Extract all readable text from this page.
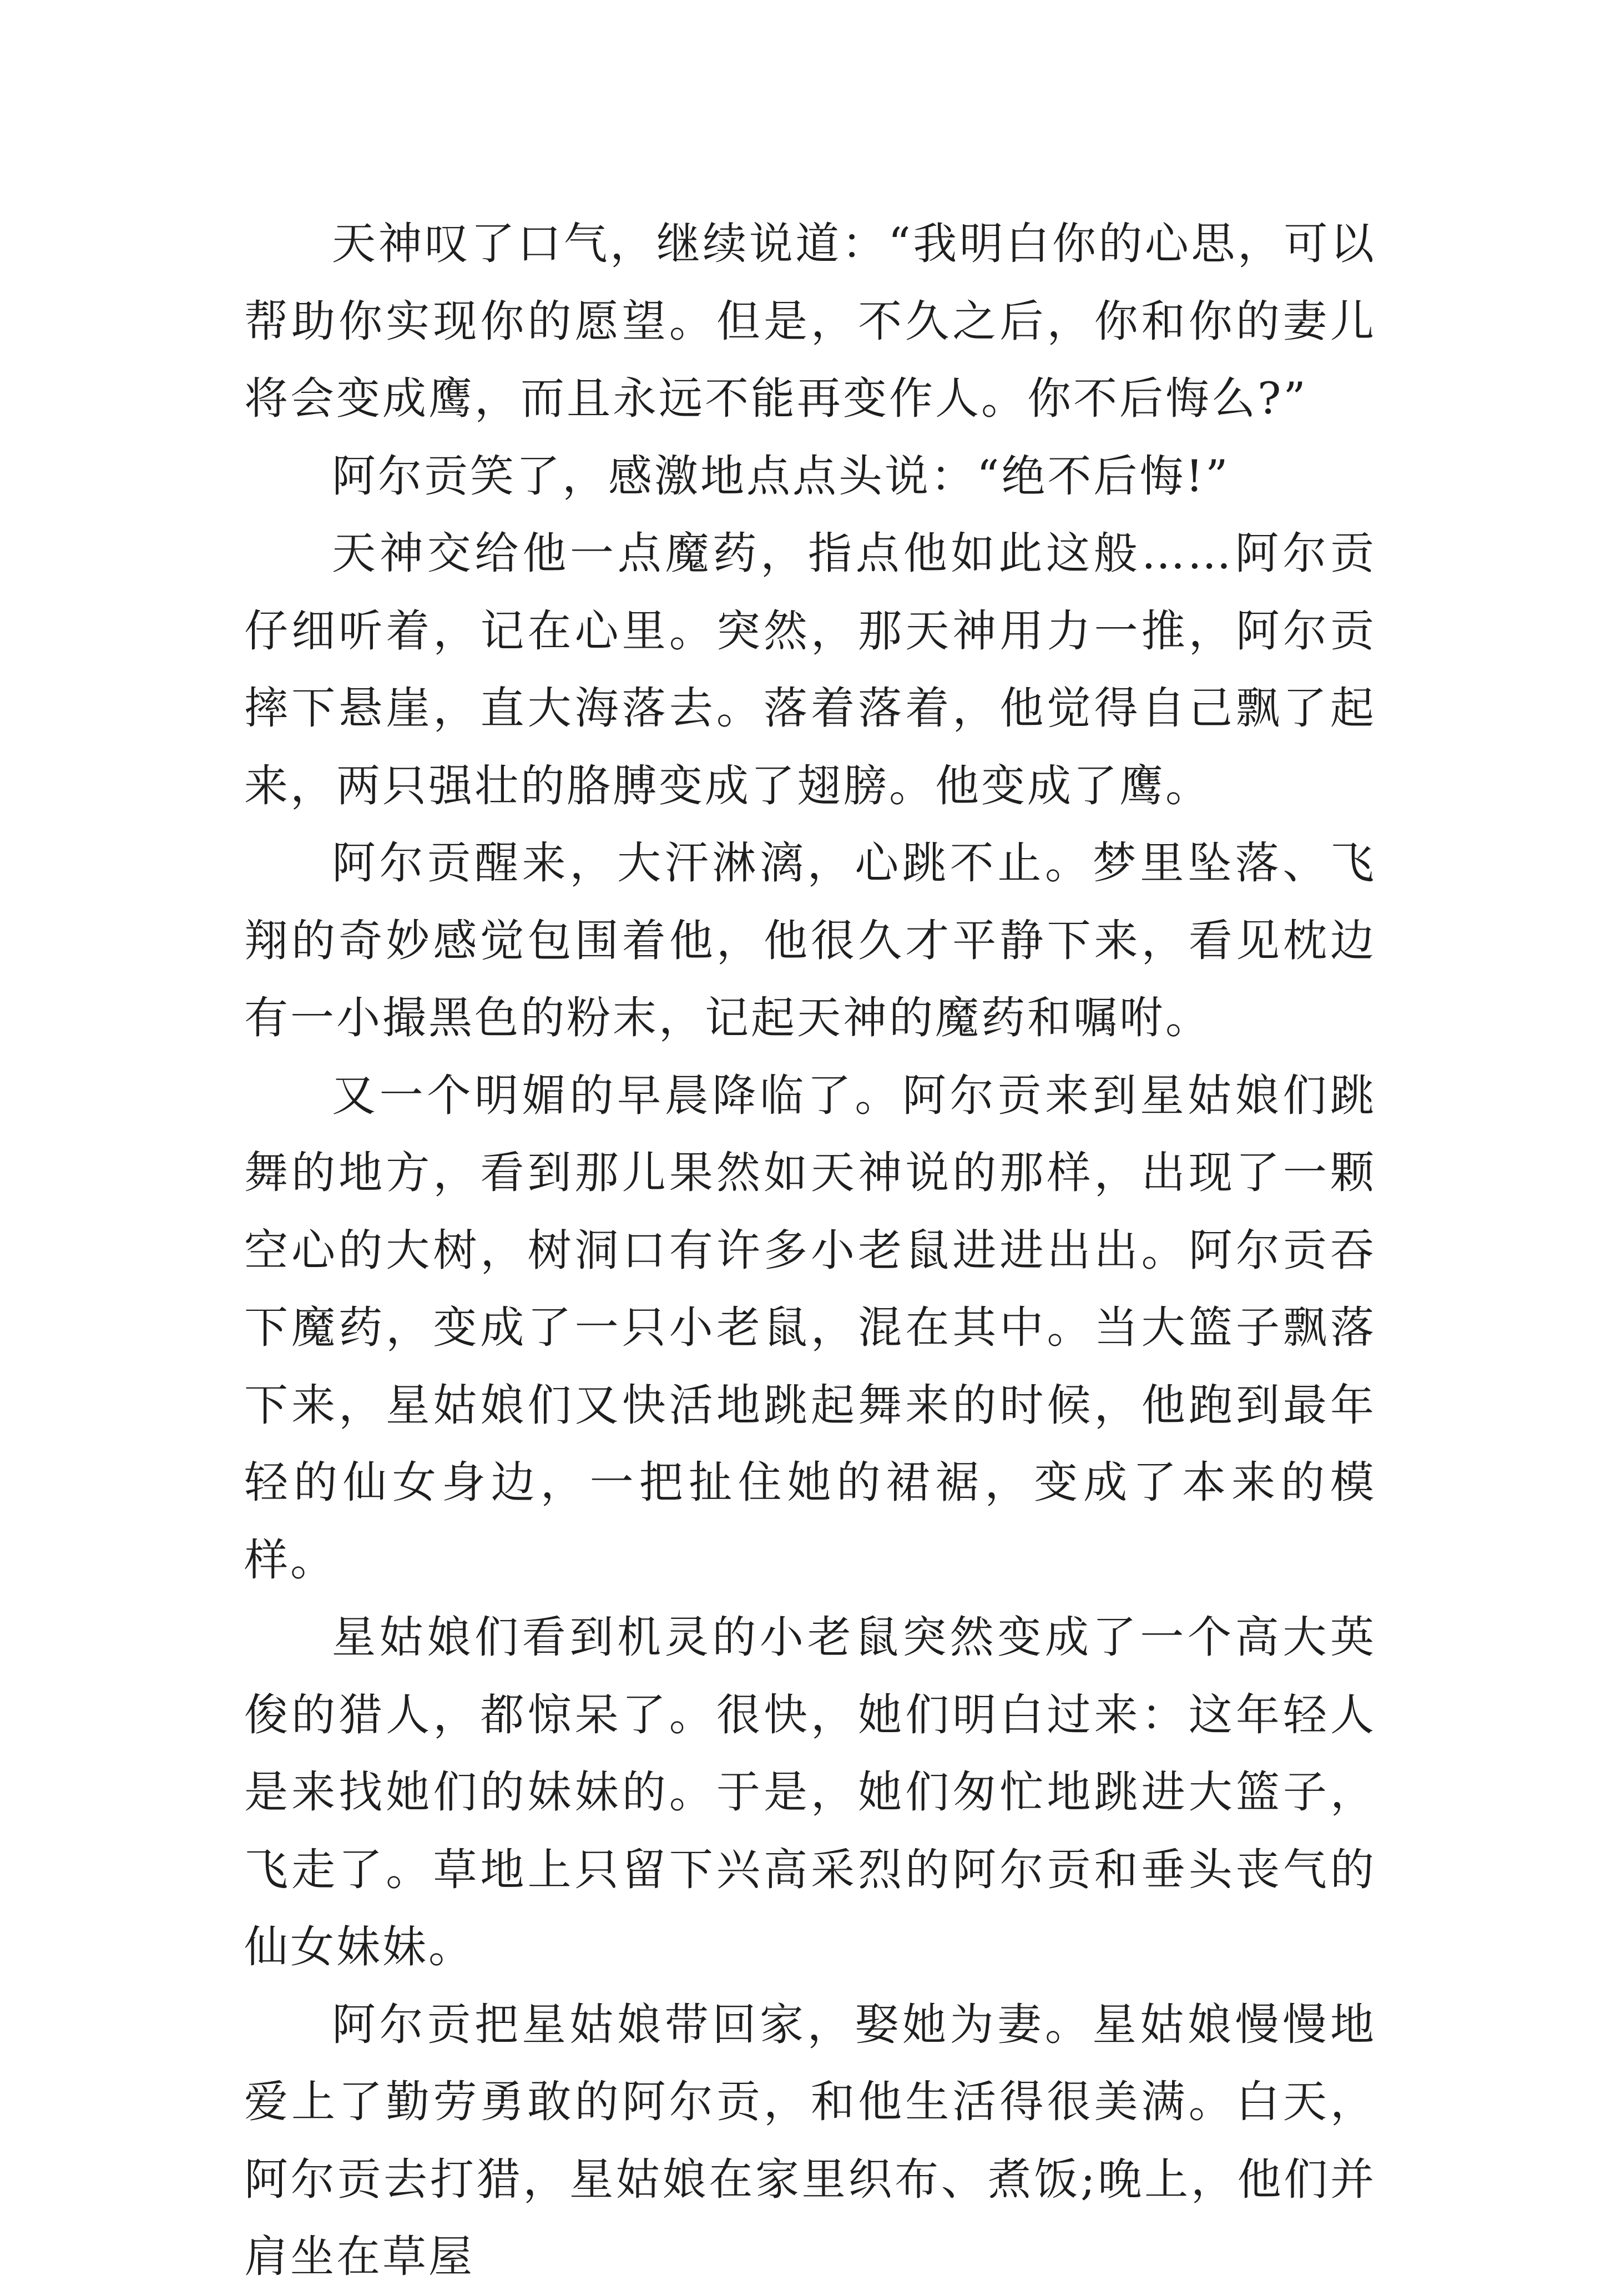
天神叹了口气，继续说道：“我明白你的心思，可以帮助你实现你的愿望。但是，不久之后，你和你的妻儿将会变成鹰，而且永远不能再变作人。你不后悔么?”

阿尔贡笑了，感激地点点头说：“绝不后悔!”

天神交给他一点魔药，指点他如此这般……阿尔贡仔细听着，记在心里。突然，那天神用力一推，阿尔贡摔下悬崖，直大海落去。落着落着，他觉得自己飘了起来，两只强壮的胳膊变成了翅膀。他变成了鹰。

阿尔贡醒来，大汗淋漓，心跳不止。梦里坠落、飞翔的奇妙感觉包围着他，他很久才平静下来，看见枕边有一小撮黑色的粉末，记起天神的魔药和嘱咐。

又一个明媚的早晨降临了。阿尔贡来到星姑娘们跳舞的地方，看到那儿果然如天神说的那样，出现了一颗空心的大树，树洞口有许多小老鼠进进出出。阿尔贡吞下魔药，变成了一只小老鼠，混在其中。当大篮子飘落下来，星姑娘们又快活地跳起舞来的时候，他跑到最年轻的仙女身边，一把扯住她的裙裾，变成了本来的模样。

星姑娘们看到机灵的小老鼠突然变成了一个高大英俊的猎人，都惊呆了。很快，她们明白过来：这年轻人是来找她们的妹妹的。于是，她们匆忙地跳进大篮子，飞走了。草地上只留下兴高采烈的阿尔贡和垂头丧气的仙女妹妹。

阿尔贡把星姑娘带回家，娶她为妻。星姑娘慢慢地爱上了勤劳勇敢的阿尔贡，和他生活得很美满。白天，阿尔贡去打猎，星姑娘在家里织布、煮饭;晚上，他们并肩坐在草屋
